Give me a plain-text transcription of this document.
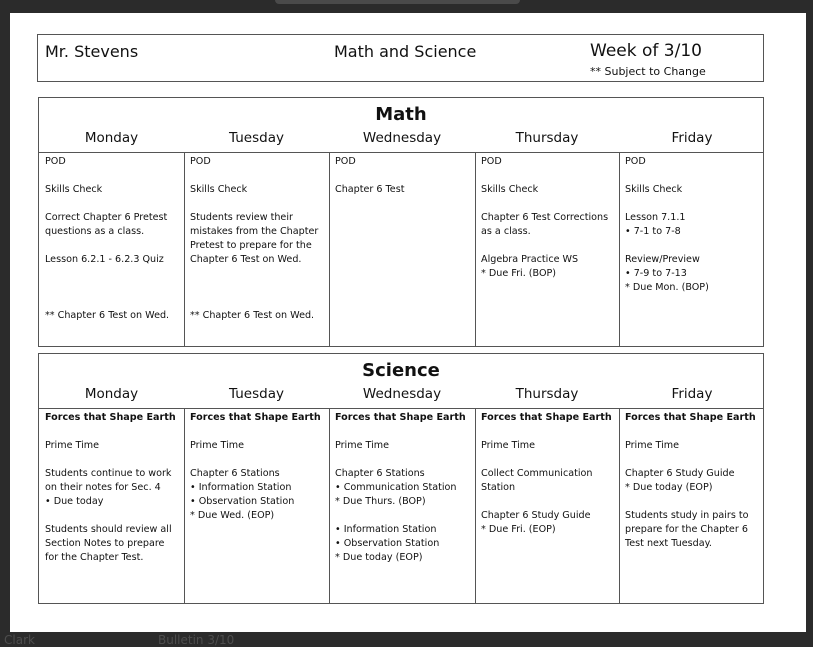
Mr. Stevens	Math and Science	Week of 3/10
** Subject to Change
Math
Monday
POD
Skills Check
Correct Chapter 6 Pretest
questions as a class.
Lesson 6.2.1 - 6.2.3 Quiz

** Chapter 6 Test on Wed.
Tuesday
POD
Skills Check
Students review their
mistakes from the Chapter
Pretest to prepare for the
Chapter 6 Test on Wed.

** Chapter 6 Test on Wed.
Wednesday
POD
Chapter 6 Test
Thursday
POD
Skills Check
Chapter 6 Test Corrections
as a class.
Algebra Practice WS
* Due Fri. (BOP)
Friday
POD
Skills Check
Lesson 7.1.1
• 7-1 to 7-8
Review/Preview
• 7-9 to 7-13
* Due Mon. (BOP)
Science
Monday
Forces that Shape Earth
Prime Time
Students continue to work
on their notes for Sec. 4
• Due today
Students should review all
Section Notes to prepare
for the Chapter Test.
Tuesday
Forces that Shape Earth
Prime Time
Chapter 6 Stations
• Information Station
• Observation Station
* Due Wed. (EOP)
Wednesday
Forces that Shape Earth
Prime Time
Chapter 6 Stations
• Communication Station
* Due Thurs. (BOP)
• Information Station
• Observation Station
* Due today (EOP)
Thursday
Forces that Shape Earth
Prime Time
Collect Communication
Station
Chapter 6 Study Guide
* Due Fri. (EOP)
Friday
Forces that Shape Earth
Prime Time
Chapter 6 Study Guide
* Due today (EOP)
Students study in pairs to
prepare for the Chapter 6
Test next Tuesday.
Clark	Bulletin 3/10
